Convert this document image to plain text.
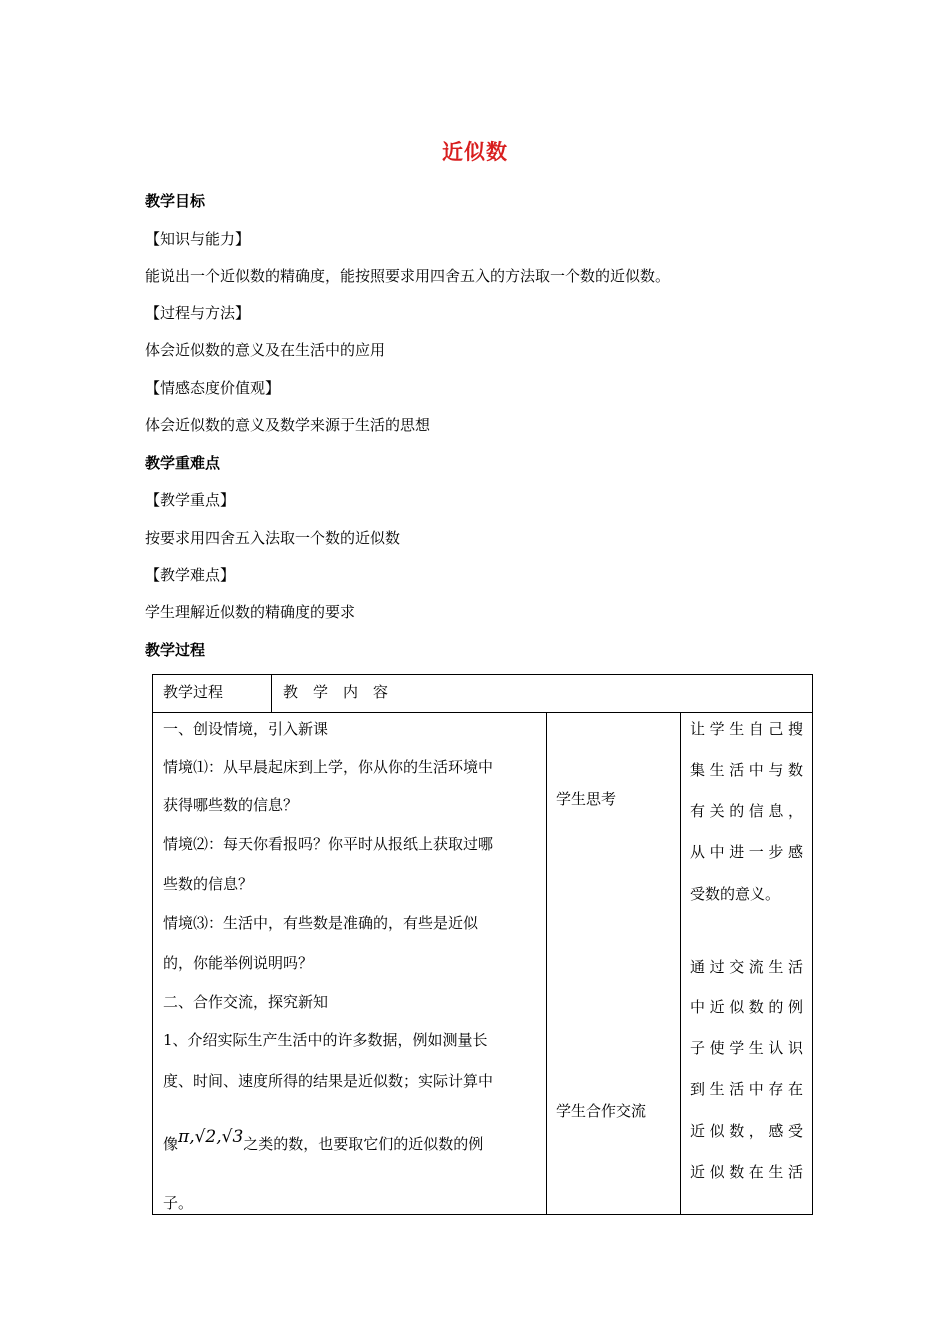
近似数
教学目标
【知识与能力】
能说出一个近似数的精确度，能按照要求用四舍五入的方法取一个数的近似数。
【过程与方法】
体会近似数的意义及在生活中的应用
【情感态度价值观】
体会近似数的意义及数学来源于生活的思想
教学重难点
【教学重点】
按要求用四舍五入法取一个数的近似数
【教学难点】
学生理解近似数的精确度的要求
教学过程
教学过程	教　学　内　容
一、创设情境，引入新课
情境⑴：从早晨起床到上学，你从你的生活环境中
获得哪些数的信息？
情境⑵：每天你看报吗？你平时从报纸上获取过哪
些数的信息？
情境⑶：生活中，有些数是准确的，有些是近似
的，你能举例说明吗？
二、合作交流，探究新知
1、介绍实际生产生活中的许多数据，例如测量长
度、时间、速度所得的结果是近似数；实际计算中
像π,√2,√3之类的数，也要取它们的近似数的例
子。
学生思考
学生合作交流
让学生自己搜
集生活中与数
有关的信息，
从中进一步感
受数的意义。
通过交流生活
中近似数的例
子使学生认识
到生活中存在
近似数，感受
近似数在生活
